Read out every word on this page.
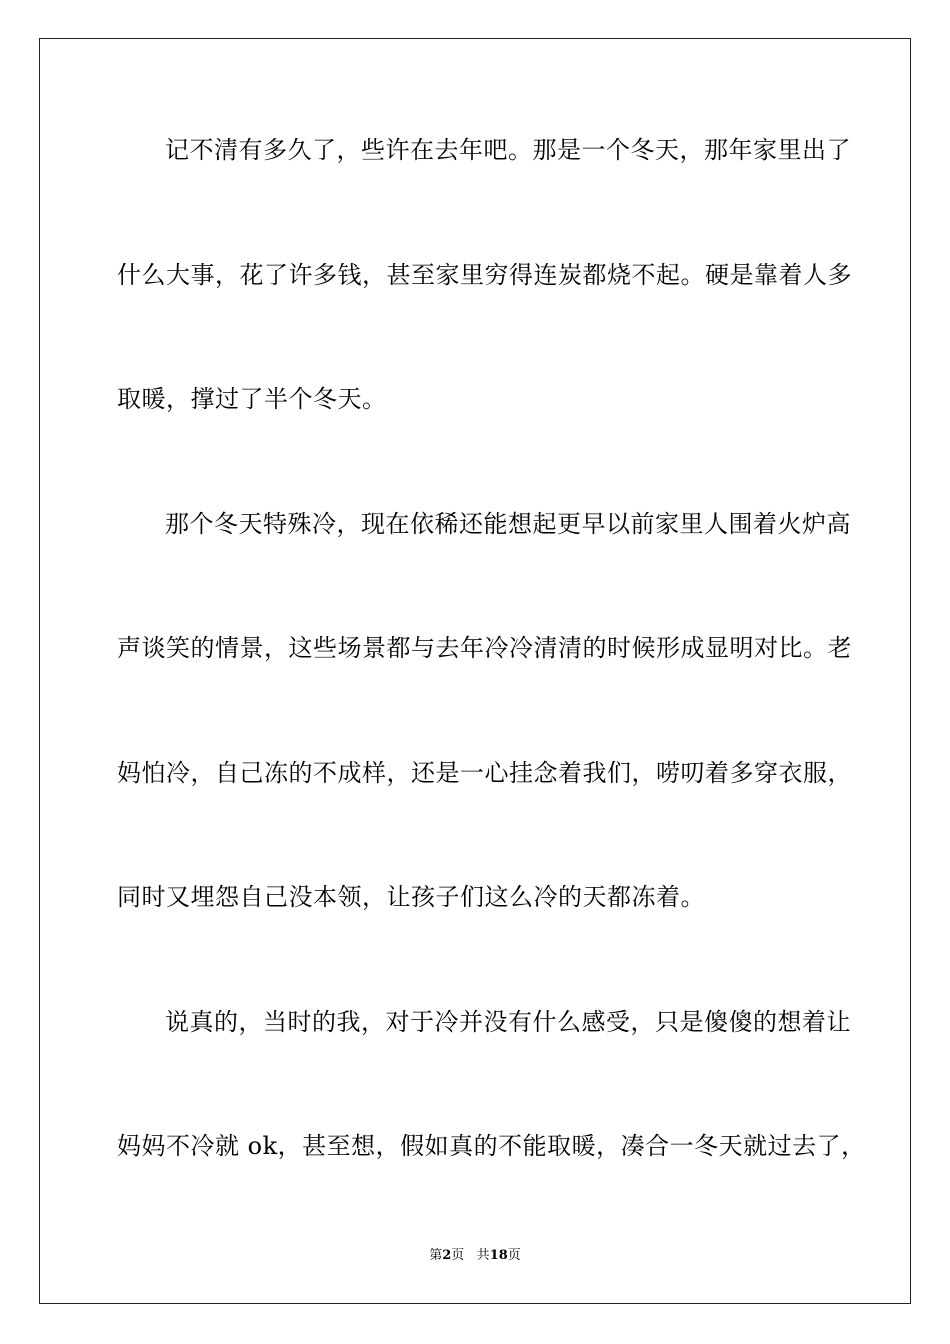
记不清有多久了，些许在去年吧。那是一个冬天，那年家里出了

什么大事，花了许多钱，甚至家里穷得连炭都烧不起。硬是靠着人多

取暖，撑过了半个冬天。

那个冬天特殊冷，现在依稀还能想起更早以前家里人围着火炉高

声谈笑的情景，这些场景都与去年冷冷清清的时候形成显明对比。老

妈怕冷，自己冻的不成样，还是一心挂念着我们，唠叨着多穿衣服，

同时又埋怨自己没本领，让孩子们这么冷的天都冻着。

说真的，当时的我，对于冷并没有什么感受，只是傻傻的想着让

妈妈不冷就 ok，甚至想，假如真的不能取暖，凑合一冬天就过去了，

第2页 共18页
